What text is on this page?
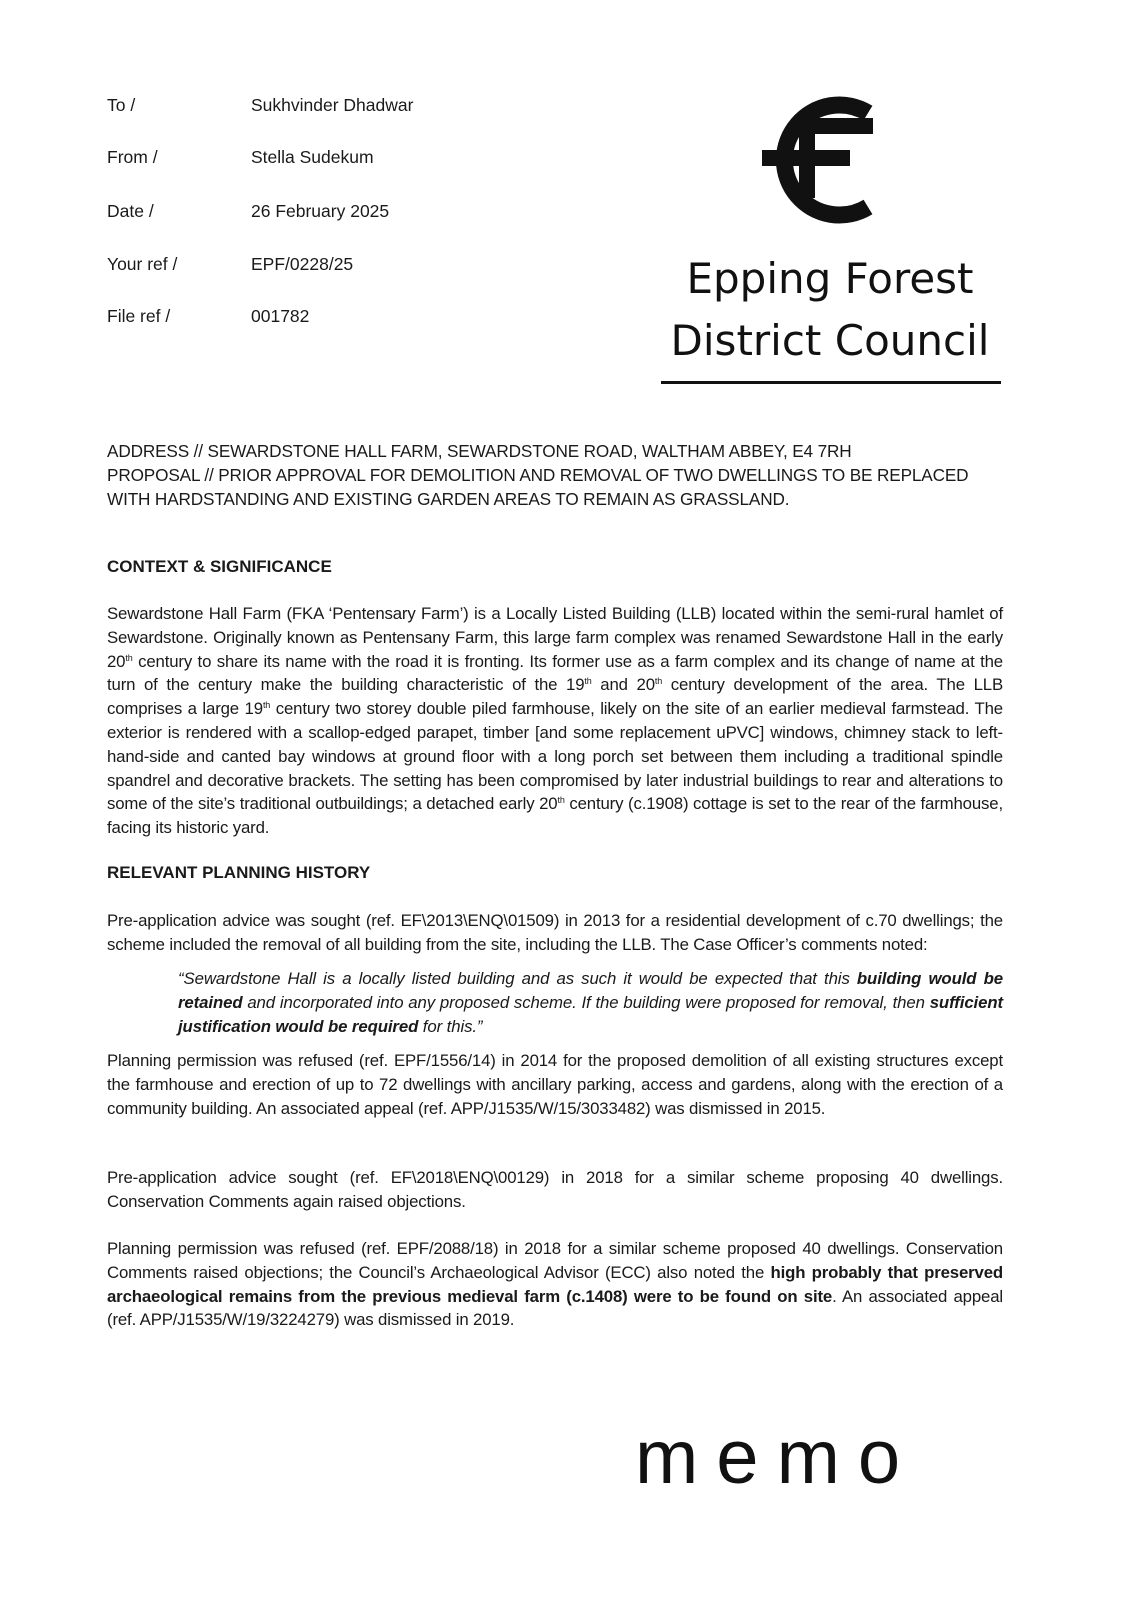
To /	Sukhvinder Dhadwar
From /	Stella Sudekum
Date /	26 February 2025
Your ref /	EPF/0228/25
File ref /	001782
Epping Forest
District Council

ADDRESS // SEWARDSTONE HALL FARM, SEWARDSTONE ROAD, WALTHAM ABBEY, E4 7RH

PROPOSAL // PRIOR APPROVAL FOR DEMOLITION AND REMOVAL OF TWO DWELLINGS TO BE REPLACED WITH HARDSTANDING AND EXISTING GARDEN AREAS TO REMAIN AS GRASSLAND.

CONTEXT & SIGNIFICANCE

Sewardstone Hall Farm (FKA ‘Pentensary Farm’) is a Locally Listed Building (LLB) located within the semi-rural hamlet of Sewardstone. Originally known as Pentensany Farm, this large farm complex was renamed Sewardstone Hall in the early 20th century to share its name with the road it is fronting. Its former use as a farm complex and its change of name at the turn of the century make the building characteristic of the 19th and 20th century development of the area. The LLB comprises a large 19th century two storey double piled farmhouse, likely on the site of an earlier medieval farmstead. The exterior is rendered with a scallop-edged parapet, timber [and some replacement uPVC] windows, chimney stack to left-hand-side and canted bay windows at ground floor with a long porch set between them including a traditional spindle spandrel and decorative brackets. The setting has been compromised by later industrial buildings to rear and alterations to some of the site’s traditional outbuildings; a detached early 20th century (c.1908) cottage is set to the rear of the farmhouse, facing its historic yard.

RELEVANT PLANNING HISTORY

Pre-application advice was sought (ref. EF\2013\ENQ\01509) in 2013 for a residential development of c.70 dwellings; the scheme included the removal of all building from the site, including the LLB. The Case Officer’s comments noted:

“Sewardstone Hall is a locally listed building and as such it would be expected that this building would be retained and incorporated into any proposed scheme. If the building were proposed for removal, then sufficient justification would be required for this.”

Planning permission was refused (ref. EPF/1556/14) in 2014 for the proposed demolition of all existing structures except the farmhouse and erection of up to 72 dwellings with ancillary parking, access and gardens, along with the erection of a community building. An associated appeal (ref. APP/J1535/W/15/3033482) was dismissed in 2015.

Pre-application advice sought (ref. EF\2018\ENQ\00129) in 2018 for a similar scheme proposing 40 dwellings. Conservation Comments again raised objections.

Planning permission was refused (ref. EPF/2088/18) in 2018 for a similar scheme proposed 40 dwellings. Conservation Comments raised objections; the Council’s Archaeological Advisor (ECC) also noted the high probably that preserved archaeological remains from the previous medieval farm (c.1408) were to be found on site. An associated appeal (ref. APP/J1535/W/19/3224279) was dismissed in 2019.

memo
